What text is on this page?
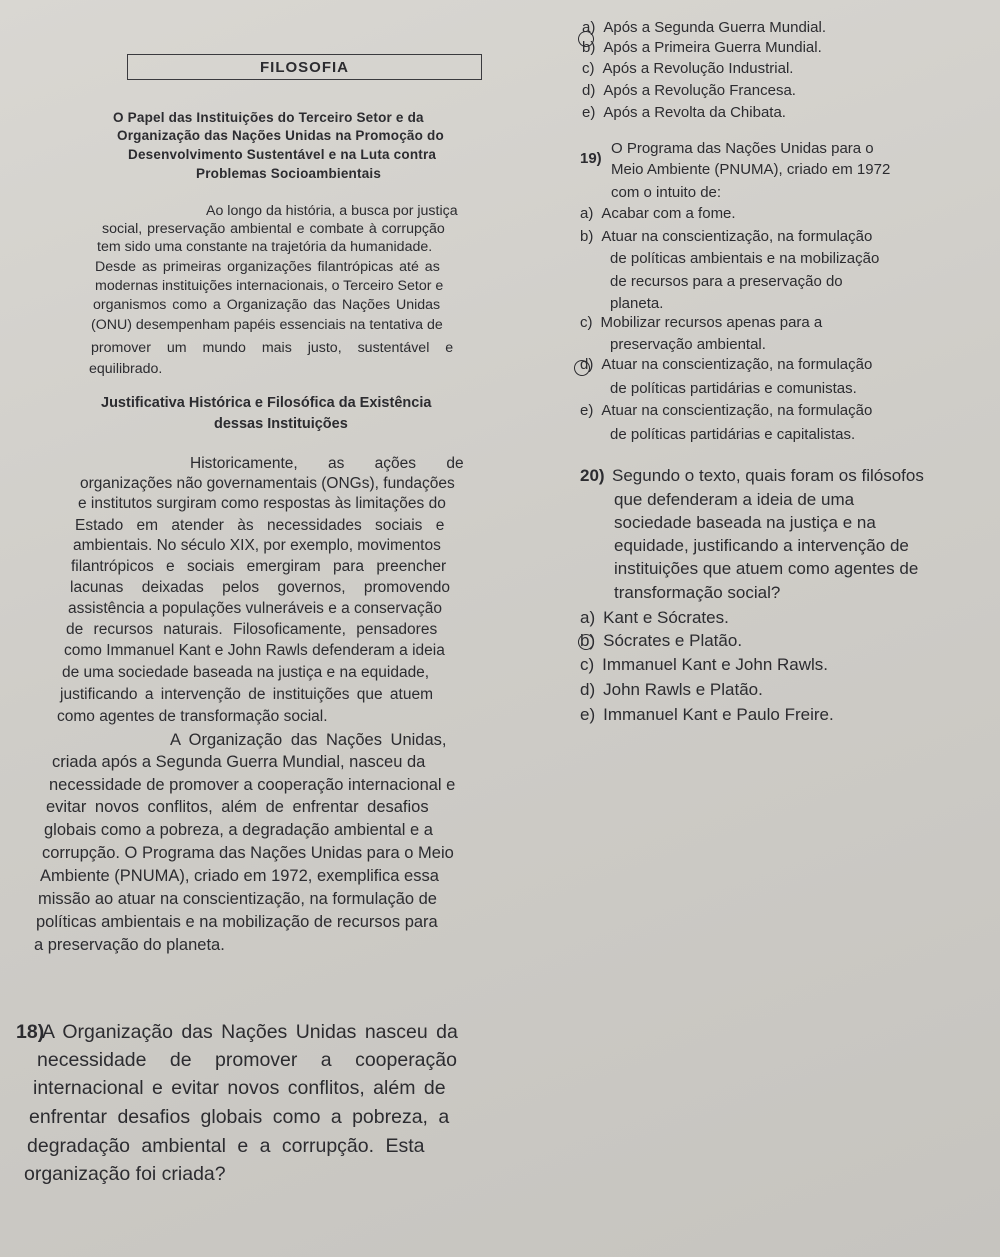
FILOSOFIA
O Papel das Instituições do Terceiro Setor e da
Organização das Nações Unidas na Promoção do
Desenvolvimento Sustentável e na Luta contra
Problemas Socioambientais
Ao longo da história, a busca por justiça
social, preservação ambiental e combate à corrupção
tem sido uma constante na trajetória da humanidade.
Desde as primeiras organizações filantrópicas até as
modernas instituições internacionais, o Terceiro Setor e
organismos como a Organização das Nações Unidas
(ONU) desempenham papéis essenciais na tentativa de
promover um mundo mais justo, sustentável e
equilibrado.
Justificativa Histórica e Filosófica da Existência
dessas Instituições
Historicamente, as ações de
organizações não governamentais (ONGs), fundações
e institutos surgiram como respostas às limitações do
Estado em atender às necessidades sociais e
ambientais. No século XIX, por exemplo, movimentos
filantrópicos e sociais emergiram para preencher
lacunas deixadas pelos governos, promovendo
assistência a populações vulneráveis e a conservação
de recursos naturais. Filosoficamente, pensadores
como Immanuel Kant e John Rawls defenderam a ideia
de uma sociedade baseada na justiça e na equidade,
justificando a intervenção de instituições que atuem
como agentes de transformação social.
A Organização das Nações Unidas,
criada após a Segunda Guerra Mundial, nasceu da
necessidade de promover a cooperação internacional e
evitar novos conflitos, além de enfrentar desafios
globais como a pobreza, a degradação ambiental e a
corrupção. O Programa das Nações Unidas para o Meio
Ambiente (PNUMA), criado em 1972, exemplifica essa
missão ao atuar na conscientização, na formulação de
políticas ambientais e na mobilização de recursos para
a preservação do planeta.
18)
A Organização das Nações Unidas nasceu da
necessidade de promover a cooperação
internacional e evitar novos conflitos, além de
enfrentar desafios globais como a pobreza, a
degradação ambiental e a corrupção. Esta
organização foi criada?
a) Após a Segunda Guerra Mundial.
b) Após a Primeira Guerra Mundial.
c) Após a Revolução Industrial.
d) Após a Revolução Francesa.
e) Após a Revolta da Chibata.
19)
O Programa das Nações Unidas para o
Meio Ambiente (PNUMA), criado em 1972
com o intuito de:
a) Acabar com a fome.
b) Atuar na conscientização, na formulação
de políticas ambientais e na mobilização
de recursos para a preservação do
planeta.
c) Mobilizar recursos apenas para a
preservação ambiental.
d) Atuar na conscientização, na formulação
de políticas partidárias e comunistas.
e) Atuar na conscientização, na formulação
de políticas partidárias e capitalistas.
20) Segundo o texto, quais foram os filósofos
que defenderam a ideia de uma
sociedade baseada na justiça e na
equidade, justificando a intervenção de
instituições que atuem como agentes de
transformação social?
a) Kant e Sócrates.
b) Sócrates e Platão.
c) Immanuel Kant e John Rawls.
d) John Rawls e Platão.
e) Immanuel Kant e Paulo Freire.
